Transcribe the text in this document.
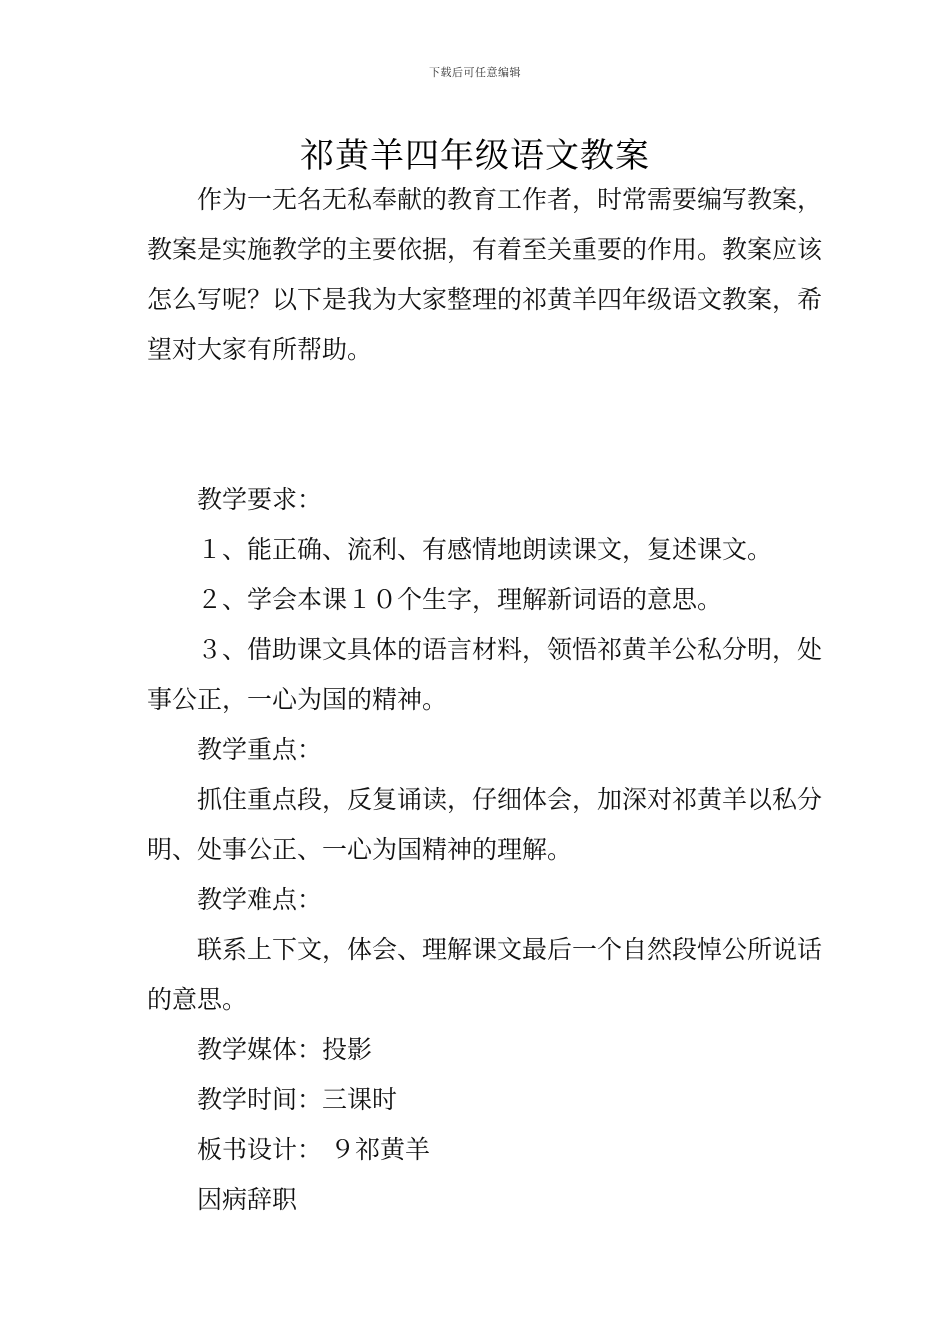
下载后可任意编辑
祁黄羊四年级语文教案

作为一无名无私奉献的教育工作者，时常需要编写教案，教案是实施教学的主要依据，有着至关重要的作用。教案应该怎么写呢？以下是我为大家整理的祁黄羊四年级语文教案，希望对大家有所帮助。

教学要求：

１、能正确、流利、有感情地朗读课文，复述课文。

２、学会本课１０个生字，理解新词语的意思。

３、借助课文具体的语言材料，领悟祁黄羊公私分明，处事公正，一心为国的精神。

教学重点：

抓住重点段，反复诵读，仔细体会，加深对祁黄羊以私分明、处事公正、一心为国精神的理解。

教学难点：

联系上下文，体会、理解课文最后一个自然段悼公所说话的意思。

教学媒体：投影

教学时间：三课时

板书设计： ９祁黄羊

因病辞职
